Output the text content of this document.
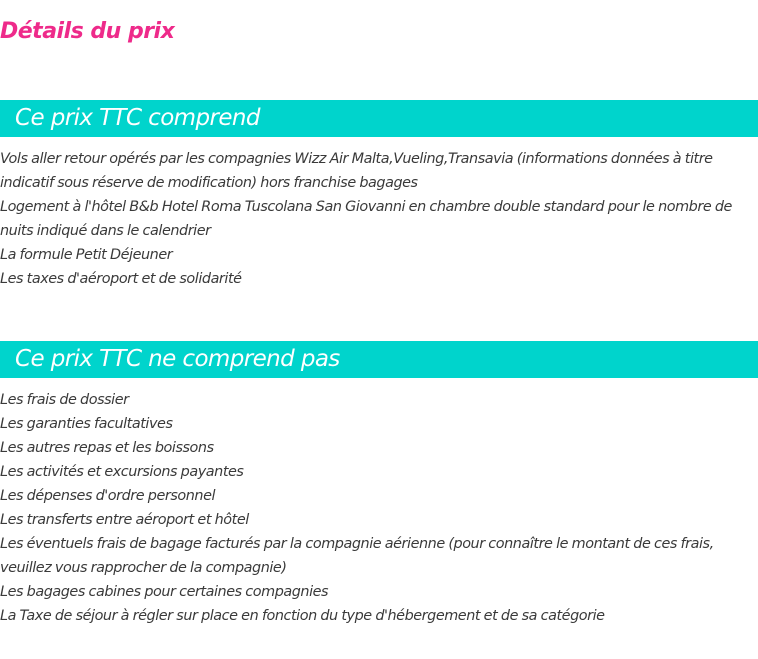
Détails du prix
Ce prix TTC comprend
Vols aller retour opérés par les compagnies Wizz Air Malta,Vueling,Transavia (informations données à titre indicatif sous réserve de modification) hors franchise bagages
Logement à l'hôtel B&b Hotel Roma Tuscolana San Giovanni en chambre double standard pour le nombre de nuits indiqué dans le calendrier
La formule Petit Déjeuner
Les taxes d'aéroport et de solidarité
Ce prix TTC ne comprend pas
Les frais de dossier
Les garanties facultatives
Les autres repas et les boissons
Les activités et excursions payantes
Les dépenses d'ordre personnel
Les transferts entre aéroport et hôtel
Les éventuels frais de bagage facturés par la compagnie aérienne (pour connaître le montant de ces frais, veuillez vous rapprocher de la compagnie)
Les bagages cabines pour certaines compagnies
La Taxe de séjour à régler sur place en fonction du type d'hébergement et de sa catégorie
